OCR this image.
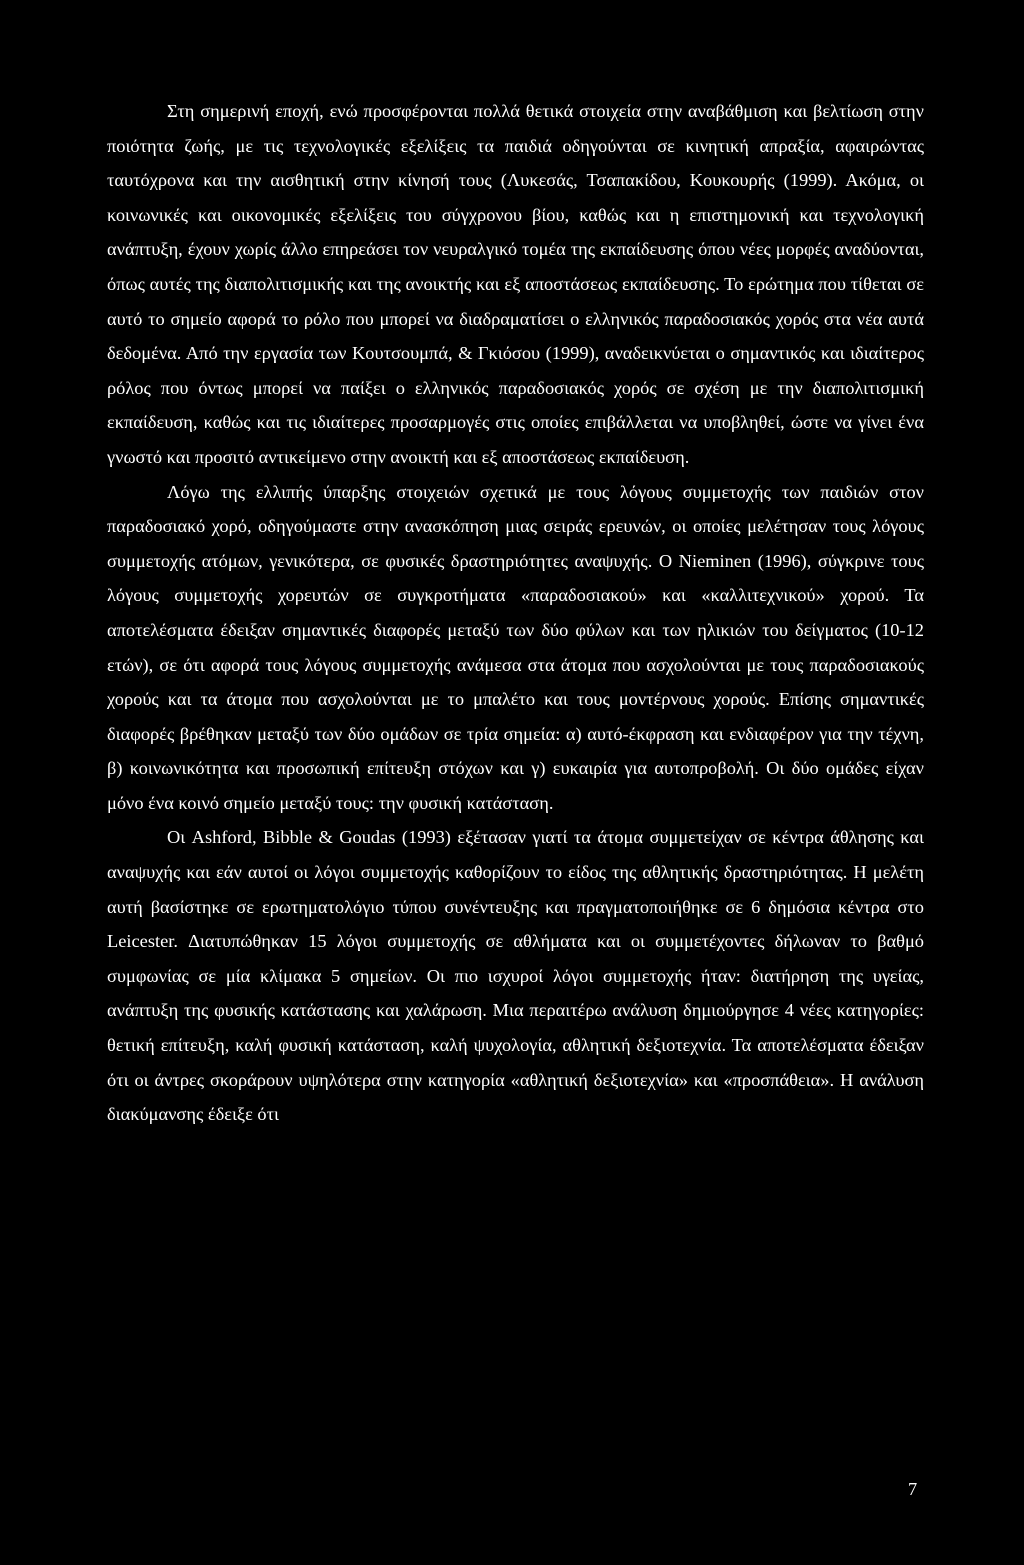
Στη σημερινή εποχή, ενώ προσφέρονται πολλά θετικά στοιχεία στην αναβάθμιση και βελτίωση στην ποιότητα ζωής, με τις τεχνολογικές εξελίξεις τα παιδιά οδηγούνται σε κινητική απραξία, αφαιρώντας ταυτόχρονα και την αισθητική στην κίνησή τους (Λυκεσάς, Τσαπακίδου, Κουκουρής (1999). Ακόμα, οι κοινωνικές και οικονομικές εξελίξεις του σύγχρονου βίου, καθώς και η επιστημονική και τεχνολογική ανάπτυξη, έχουν χωρίς άλλο επηρεάσει τον νευραλγικό τομέα της εκπαίδευσης όπου νέες μορφές αναδύονται, όπως αυτές της διαπολιτισμικής και της ανοικτής και εξ αποστάσεως εκπαίδευσης. Το ερώτημα που τίθεται σε αυτό το σημείο αφορά το ρόλο που μπορεί να διαδραματίσει ο ελληνικός παραδοσιακός χορός στα νέα αυτά δεδομένα. Από την εργασία των Κουτσουμπά, & Γκιόσου (1999), αναδεικνύεται ο σημαντικός και ιδιαίτερος ρόλος που όντως μπορεί να παίξει ο ελληνικός παραδοσιακός χορός σε σχέση με την διαπολιτισμική εκπαίδευση, καθώς και τις ιδιαίτερες προσαρμογές στις οποίες επιβάλλεται να υποβληθεί, ώστε να γίνει ένα γνωστό και προσιτό αντικείμενο στην ανοικτή και εξ αποστάσεως εκπαίδευση.

Λόγω της ελλιπής ύπαρξης στοιχειών σχετικά με τους λόγους συμμετοχής των παιδιών στον παραδοσιακό χορό, οδηγούμαστε στην ανασκόπηση μιας σειράς ερευνών, οι οποίες μελέτησαν τους λόγους συμμετοχής ατόμων, γενικότερα, σε φυσικές δραστηριότητες αναψυχής. Ο Nieminen (1996), σύγκρινε τους λόγους συμμετοχής χορευτών σε συγκροτήματα «παραδοσιακού» και «καλλιτεχνικού» χορού. Τα αποτελέσματα έδειξαν σημαντικές διαφορές μεταξύ των δύο φύλων και των ηλικιών του δείγματος (10-12 ετών), σε ότι αφορά τους λόγους συμμετοχής ανάμεσα στα άτομα που ασχολούνται με τους παραδοσιακούς χορούς και τα άτομα που ασχολούνται με το μπαλέτο και τους μοντέρνους χορούς. Επίσης σημαντικές διαφορές βρέθηκαν μεταξύ των δύο ομάδων σε τρία σημεία: α) αυτό-έκφραση και ενδιαφέρον για την τέχνη, β) κοινωνικότητα και προσωπική επίτευξη στόχων και γ) ευκαιρία για αυτοπροβολή. Οι δύο ομάδες είχαν μόνο ένα κοινό σημείο μεταξύ τους: την φυσική κατάσταση.

Οι Ashford, Bibble & Goudas (1993) εξέτασαν γιατί τα άτομα συμμετείχαν σε κέντρα άθλησης και αναψυχής και εάν αυτοί οι λόγοι συμμετοχής καθορίζουν το είδος της αθλητικής δραστηριότητας. Η μελέτη αυτή βασίστηκε σε ερωτηματολόγιο τύπου συνέντευξης και πραγματοποιήθηκε σε 6 δημόσια κέντρα στο Leicester. Διατυπώθηκαν 15 λόγοι συμμετοχής σε αθλήματα και οι συμμετέχοντες δήλωναν το βαθμό συμφωνίας σε μία κλίμακα 5 σημείων. Οι πιο ισχυροί λόγοι συμμετοχής ήταν: διατήρηση της υγείας, ανάπτυξη της φυσικής κατάστασης και χαλάρωση. Μια περαιτέρω ανάλυση δημιούργησε 4 νέες κατηγορίες: θετική επίτευξη, καλή φυσική κατάσταση, καλή ψυχολογία, αθλητική δεξιοτεχνία. Τα αποτελέσματα έδειξαν ότι οι άντρες σκοράρουν υψηλότερα στην κατηγορία «αθλητική δεξιοτεχνία» και «προσπάθεια». Η ανάλυση διακύμανσης έδειξε ότι

7
